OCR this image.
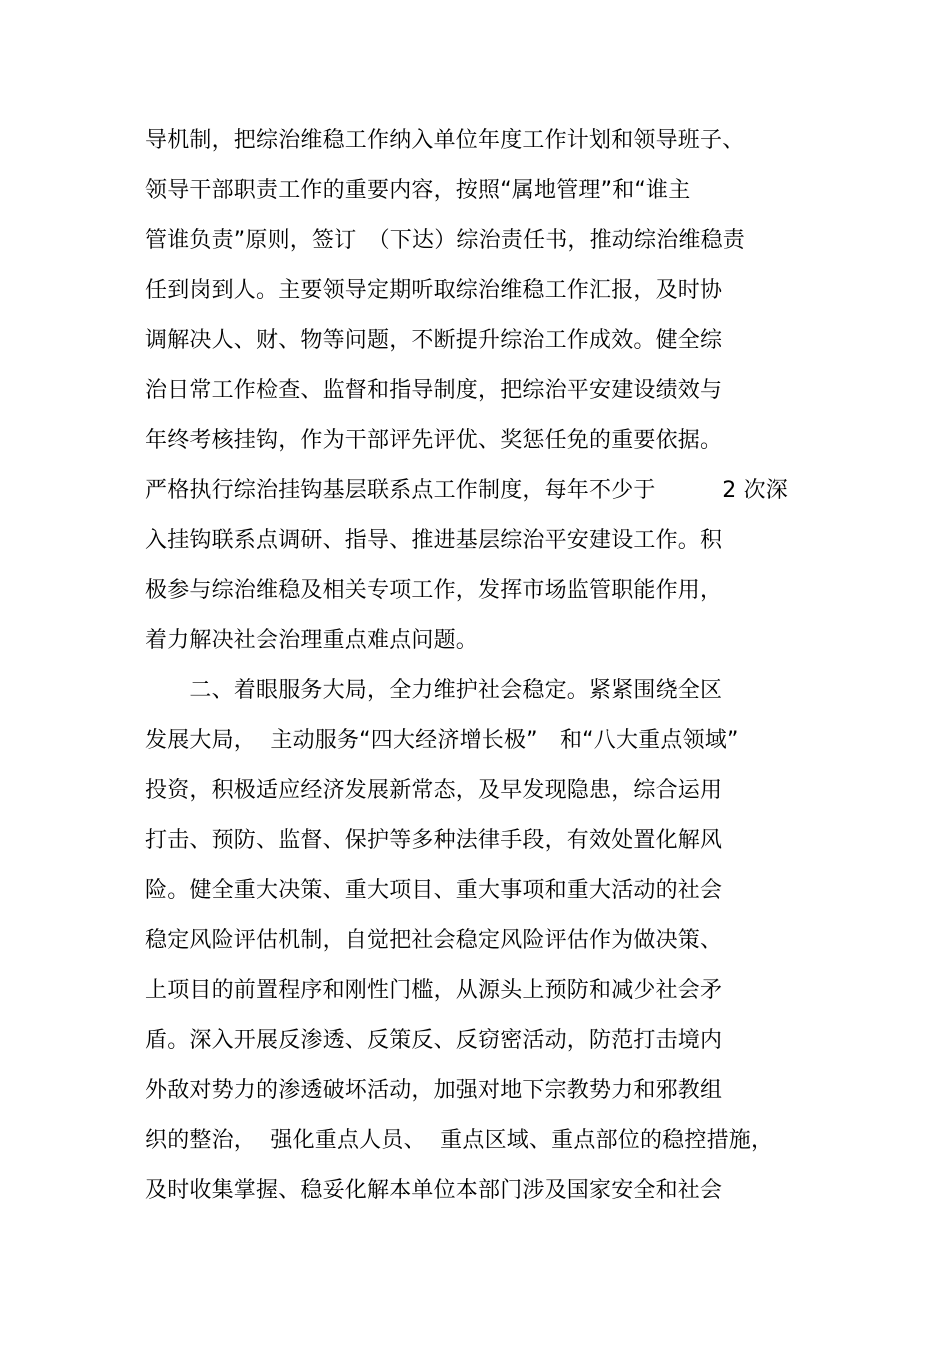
导机制，把综治维稳工作纳入单位年度工作计划和领导班子、
领导干部职责工作的重要内容，按照“属地管理”和“谁主
管谁负责”原则，签订　（下达）综治责任书，推动综治维稳责
任到岗到人。主要领导定期听取综治维稳工作汇报，及时协
调解决人、财、物等问题，不断提升综治工作成效。健全综
治日常工作检查、监督和指导制度，把综治平安建设绩效与
年终考核挂钩，作为干部评先评优、奖惩任免的重要依据。
严格执行综治挂钩基层联系点工作制度，每年不少于　　　2 次深
入挂钩联系点调研、指导、推进基层综治平安建设工作。积
极参与综治维稳及相关专项工作，发挥市场监管职能作用，
着力解决社会治理重点难点问题。
　　二、着眼服务大局，全力维护社会稳定。紧紧围绕全区
发展大局，  主动服务“四大经济增长极”　和“八大重点领域”
投资，积极适应经济发展新常态，及早发现隐患，综合运用
打击、预防、监督、保护等多种法律手段，有效处置化解风
险。健全重大决策、重大项目、重大事项和重大活动的社会
稳定风险评估机制，自觉把社会稳定风险评估作为做决策、
上项目的前置程序和刚性门槛，从源头上预防和减少社会矛
盾。深入开展反渗透、反策反、反窃密活动，防范打击境内
外敌对势力的渗透破坏活动，加强对地下宗教势力和邪教组
织的整治，  强化重点人员、  重点区域、重点部位的稳控措施，
及时收集掌握、稳妥化解本单位本部门涉及国家安全和社会
